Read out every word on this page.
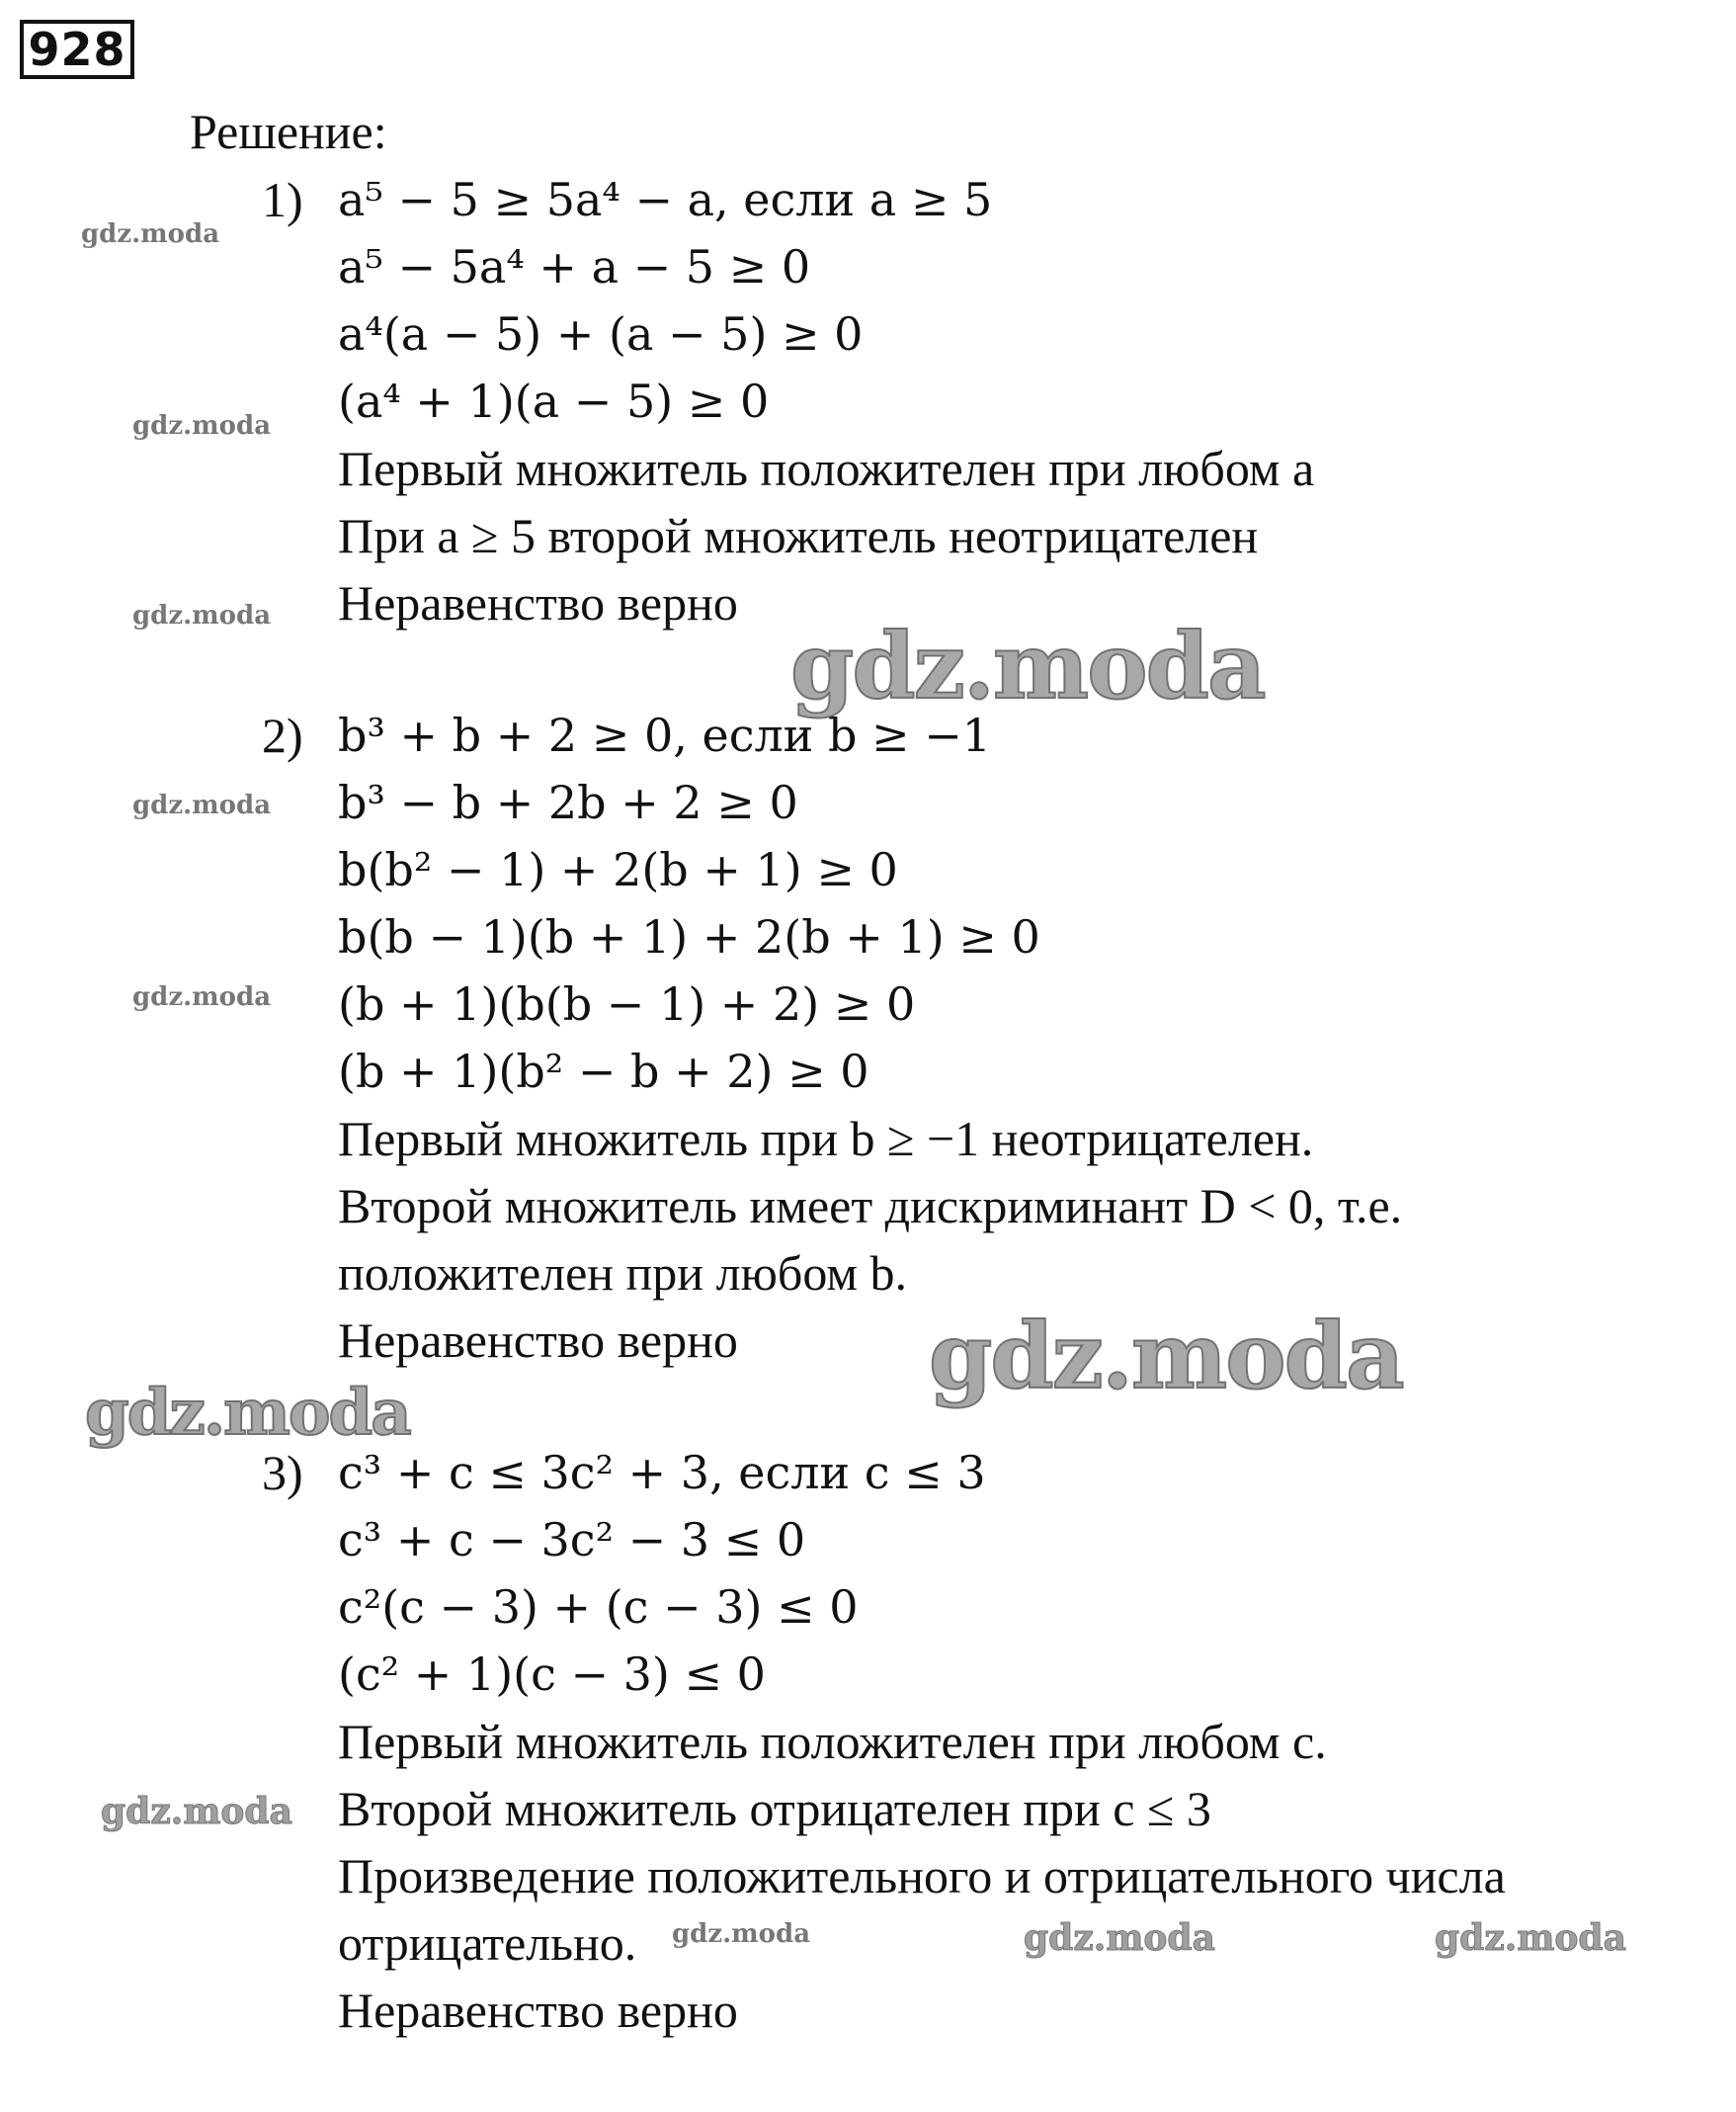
928
Решение:
1) a⁵ − 5 ≥ 5a⁴ − a, если a ≥ 5
a⁵ − 5a⁴ + a − 5 ≥ 0
a⁴(a − 5) + (a − 5) ≥ 0
(a⁴ + 1)(a − 5) ≥ 0
Первый множитель положителен при любом a
При a ≥ 5 второй множитель неотрицателен
Неравенство верно
2) b³ + b + 2 ≥ 0, если b ≥ −1
b³ − b + 2b + 2 ≥ 0
b(b² − 1) + 2(b + 1) ≥ 0
b(b − 1)(b + 1) + 2(b + 1) ≥ 0
(b + 1)(b(b − 1) + 2) ≥ 0
(b + 1)(b² − b + 2) ≥ 0
Первый множитель при b ≥ −1 неотрицателен.
Второй множитель имеет дискриминант D < 0, т.е.
положителен при любом b.
Неравенство верно
3) c³ + c ≤ 3c² + 3, если c ≤ 3
c³ + c − 3c² − 3 ≤ 0
c²(c − 3) + (c − 3) ≤ 0
(c² + 1)(c − 3) ≤ 0
Первый множитель положителен при любом c.
Второй множитель отрицателен при c ≤ 3
Произведение положительного и отрицательного числа
отрицательно.
Неравенство верно
gdz.moda
gdz.moda
gdz.moda
gdz.moda
gdz.moda
gdz.moda
gdz.moda
gdz.moda
gdz.moda
gdz.moda	gdz.moda	gdz.moda
